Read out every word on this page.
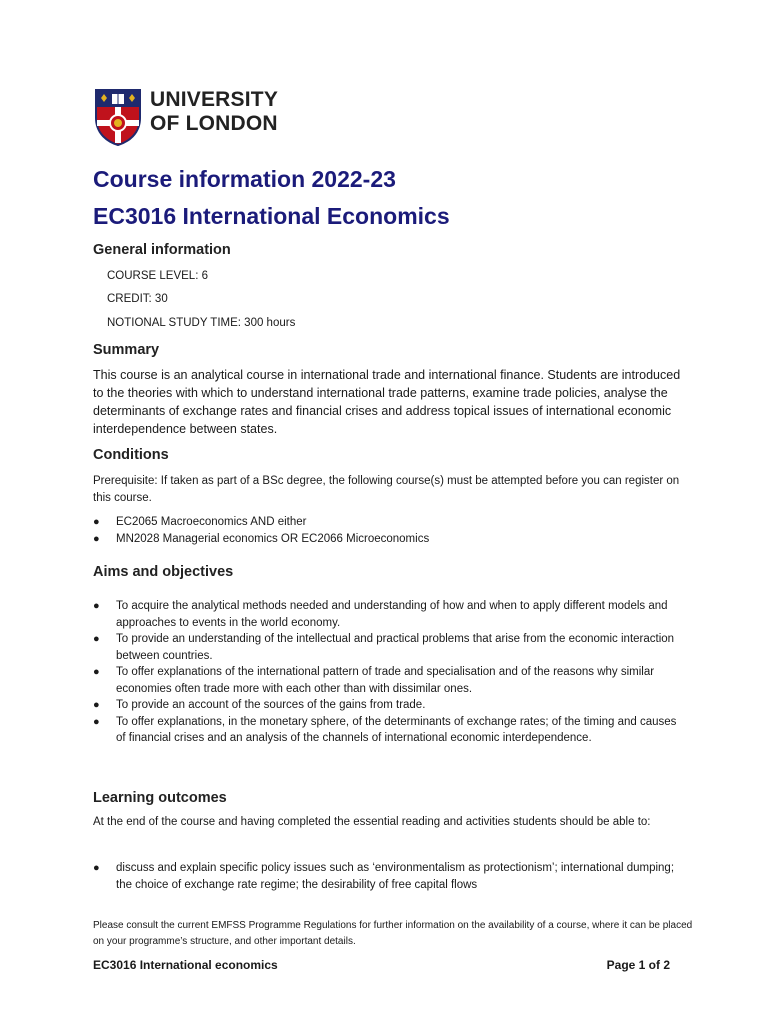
UNIVERSITY
OF LONDON
Course information 2022-23
EC3016 International Economics
General information
COURSE LEVEL: 6
CREDIT: 30
NOTIONAL STUDY TIME: 300 hours
Summary
This course is an analytical course in international trade and international finance. Students are introduced to the theories with which to understand international trade patterns, examine trade policies, analyse the determinants of exchange rates and financial crises and address topical issues of international economic interdependence between states.
Conditions
Prerequisite: If taken as part of a BSc degree, the following course(s) must be attempted before you can register on this course.
● EC2065 Macroeconomics AND either
● MN2028 Managerial economics OR EC2066 Microeconomics
Aims and objectives
● To acquire the analytical methods needed and understanding of how and when to apply different models and approaches to events in the world economy.
● To provide an understanding of the intellectual and practical problems that arise from the economic interaction between countries.
● To offer explanations of the international pattern of trade and specialisation and of the reasons why similar economies often trade more with each other than with dissimilar ones.
● To provide an account of the sources of the gains from trade.
● To offer explanations, in the monetary sphere, of the determinants of exchange rates; of the timing and causes of financial crises and an analysis of the channels of international economic interdependence.
Learning outcomes
At the end of the course and having completed the essential reading and activities students should be able to:
● discuss and explain specific policy issues such as ‘environmentalism as protectionism’; international dumping; the choice of exchange rate regime; the desirability of free capital flows
Please consult the current EMFSS Programme Regulations for further information on the availability of a course, where it can be placed on your programme’s structure, and other important details.
EC3016 International economics	Page 1 of 2
